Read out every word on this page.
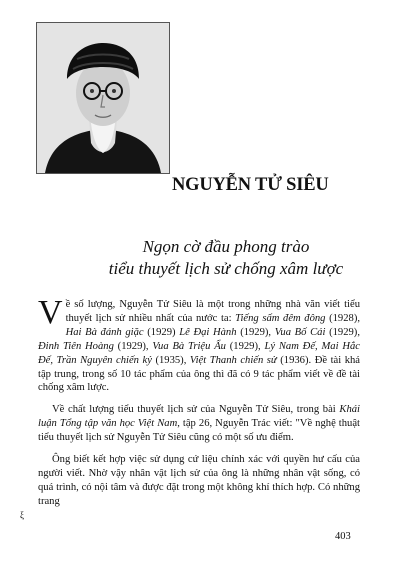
NGUYỄN TỬ SIÊU
Ngọn cờ đầu phong trào
tiểu thuyết lịch sử chống xâm lược

Về số lượng, Nguyễn Tử Siêu là một trong những nhà văn viết tiểu thuyết lịch sử nhiều nhất của nước ta: Tiếng sấm đêm đông (1928), Hai Bà đánh giặc (1929) Lê Đại Hành (1929), Vua Bố Cái (1929), Đinh Tiên Hoàng (1929), Vua Bà Triệu Ẩu (1929), Lý Nam Đế, Mai Hắc Đế, Trần Nguyên chiến kỷ (1935), Việt Thanh chiến sử (1936). Đề tài khá tập trung, trong số 10 tác phẩm của ông thì đã có 9 tác phẩm viết về đề tài chống xâm lược.

Về chất lượng tiểu thuyết lịch sử của Nguyễn Tử Siêu, trong bài Khái luận Tổng tập văn học Việt Nam, tập 26, Nguyễn Trác viết: "Về nghệ thuật tiểu thuyết lịch sử Nguyễn Tử Siêu cũng có một số ưu điểm.

Ông biết kết hợp việc sử dụng cứ liệu chính xác với quyền hư cấu của người viết. Nhờ vậy nhân vật lịch sử của ông là những nhân vật sống, có quá trình, có nội tâm và được đặt trong một không khí thích hợp. Có những trang

ξ
403
